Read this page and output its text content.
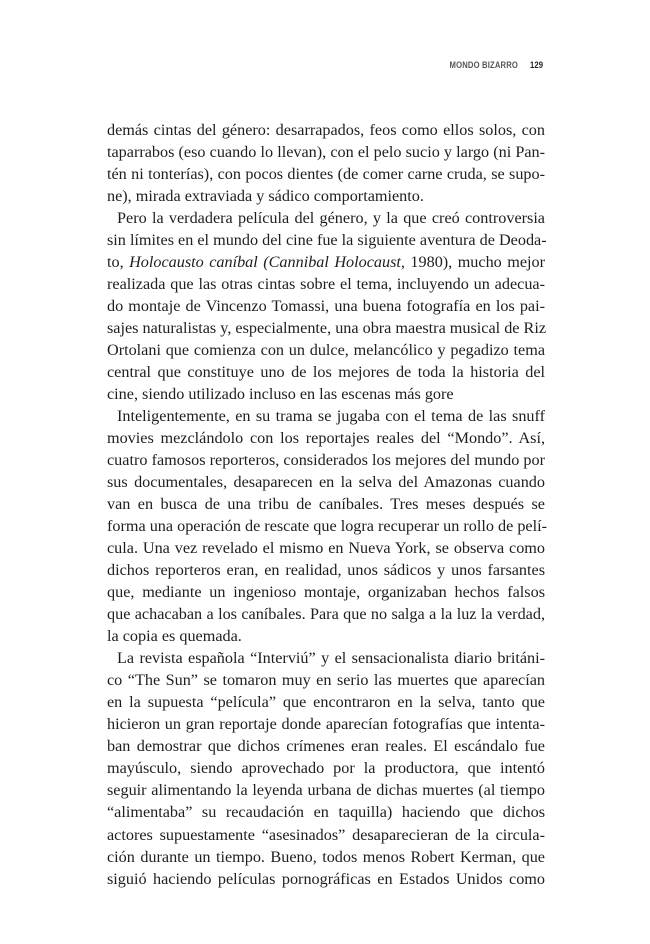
MONDO BIZARRO 129
demás cintas del género: desarrapados, feos como ellos solos, con
taparrabos (eso cuando lo llevan), con el pelo sucio y largo (ni Pan-
tén ni tonterías), con pocos dientes (de comer carne cruda, se supo-
ne), mirada extraviada y sádico comportamiento.
Pero la verdadera película del género, y la que creó controversia
sin límites en el mundo del cine fue la siguiente aventura de Deoda-
to, Holocausto caníbal (Cannibal Holocaust, 1980), mucho mejor
realizada que las otras cintas sobre el tema, incluyendo un adecua-
do montaje de Vincenzo Tomassi, una buena fotografía en los pai-
sajes naturalistas y, especialmente, una obra maestra musical de Riz
Ortolani que comienza con un dulce, melancólico y pegadizo tema
central que constituye uno de los mejores de toda la historia del
cine, siendo utilizado incluso en las escenas más gore
Inteligentemente, en su trama se jugaba con el tema de las snuff
movies mezclándolo con los reportajes reales del “Mondo”. Así,
cuatro famosos reporteros, considerados los mejores del mundo por
sus documentales, desaparecen en la selva del Amazonas cuando
van en busca de una tribu de caníbales. Tres meses después se
forma una operación de rescate que logra recuperar un rollo de pelí-
cula. Una vez revelado el mismo en Nueva York, se observa como
dichos reporteros eran, en realidad, unos sádicos y unos farsantes
que, mediante un ingenioso montaje, organizaban hechos falsos
que achacaban a los caníbales. Para que no salga a la luz la verdad,
la copia es quemada.
La revista española “Interviú” y el sensacionalista diario británi-
co “The Sun” se tomaron muy en serio las muertes que aparecían
en la supuesta “película” que encontraron en la selva, tanto que
hicieron un gran reportaje donde aparecían fotografías que intenta-
ban demostrar que dichos crímenes eran reales. El escándalo fue
mayúsculo, siendo aprovechado por la productora, que intentó
seguir alimentando la leyenda urbana de dichas muertes (al tiempo
“alimentaba” su recaudación en taquilla) haciendo que dichos
actores supuestamente “asesinados” desaparecieran de la circula-
ción durante un tiempo. Bueno, todos menos Robert Kerman, que
siguió haciendo películas pornográficas en Estados Unidos como
